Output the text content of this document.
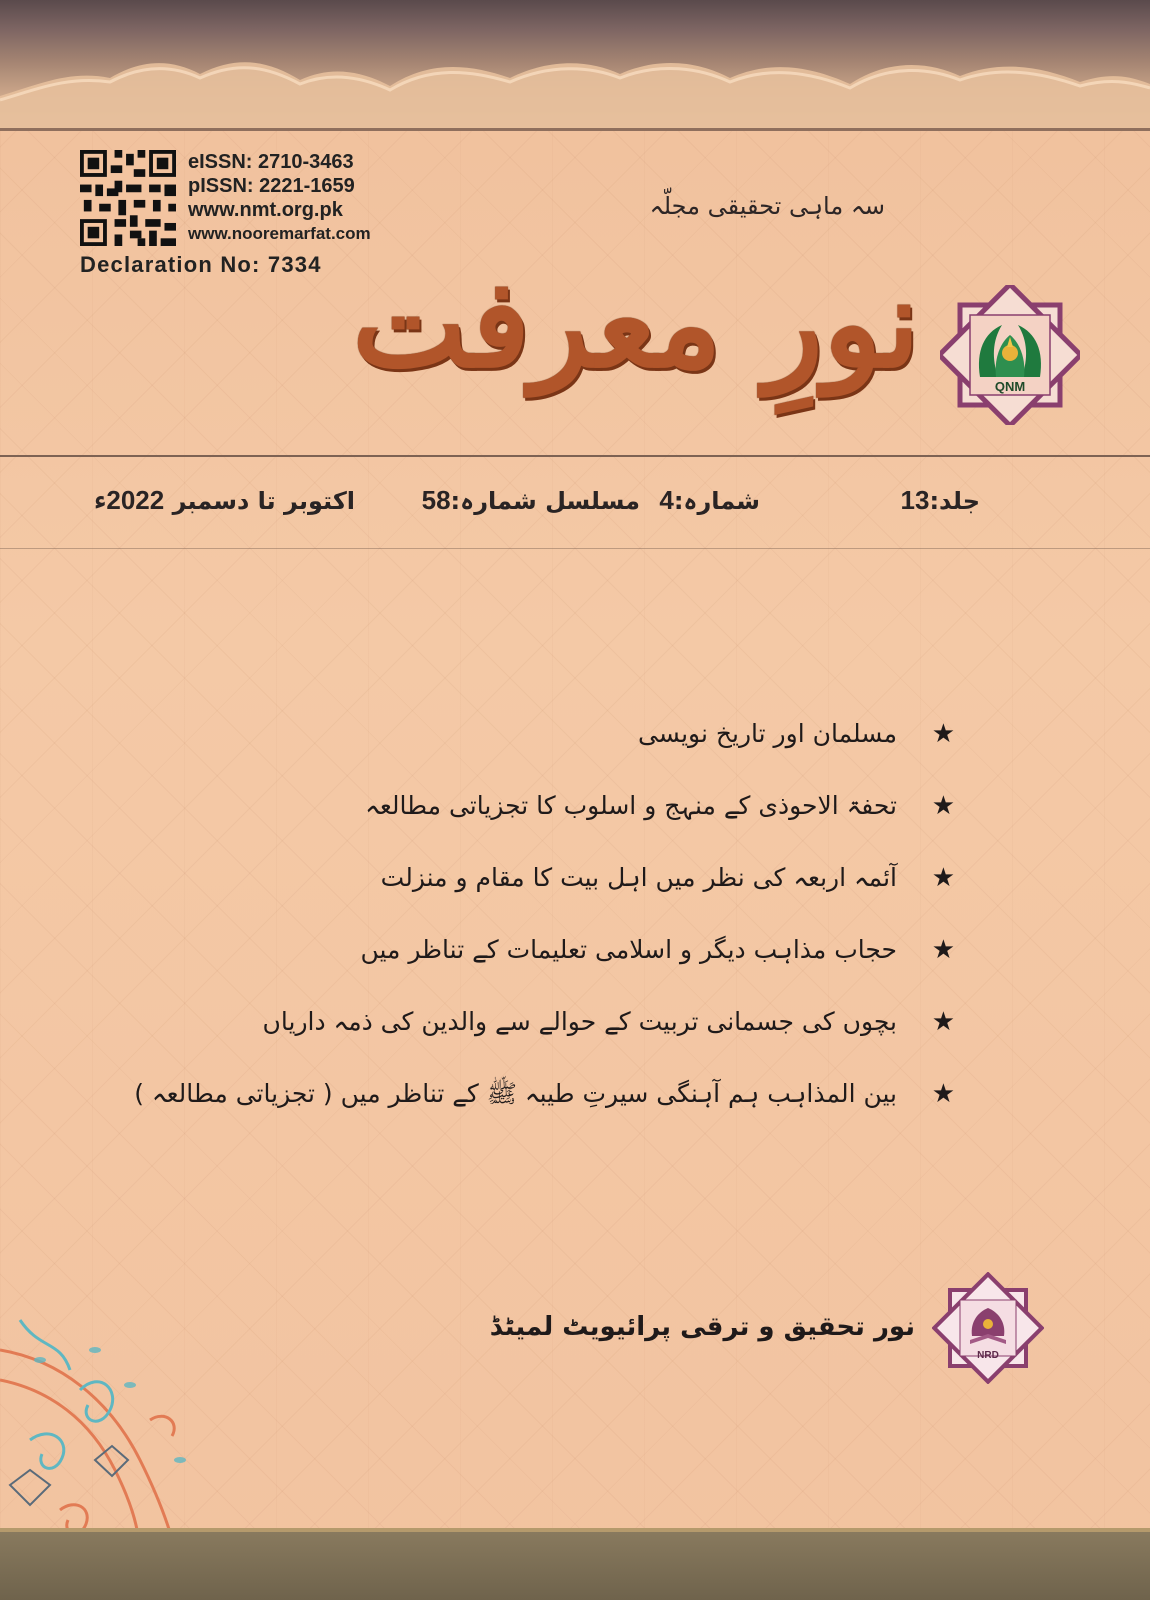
eISSN: 2710-3463
pISSN: 2221-1659
www.nmt.org.pk
www.nooremarfat.com
Declaration No: 7334
سہ ماہی تحقیقی مجلّہ
نورِ معرفت	QNM
جلد:13
شمارہ:4
مسلسل شمارہ:58
اکتوبر تا دسمبر 2022ء
★
مسلمان اور تاریخ نویسی
★
تحفۃ الاحوذی کے منہج و اسلوب کا تجزیاتی مطالعہ
★
آئمہ اربعہ کی نظر میں اہل بیت کا مقام و منزلت
★
حجاب مذاہب دیگر و اسلامی تعلیمات کے تناظر میں
★
بچوں کی جسمانی تربیت کے حوالے سے والدین کی ذمہ داریاں
★
بین المذاہب ہم آہنگی سیرتِ طیبہ ﷺ کے تناظر میں ( تجزیاتی مطالعہ )
نور تحقیق و ترقی پرائیویٹ لمیٹڈ
NRD
